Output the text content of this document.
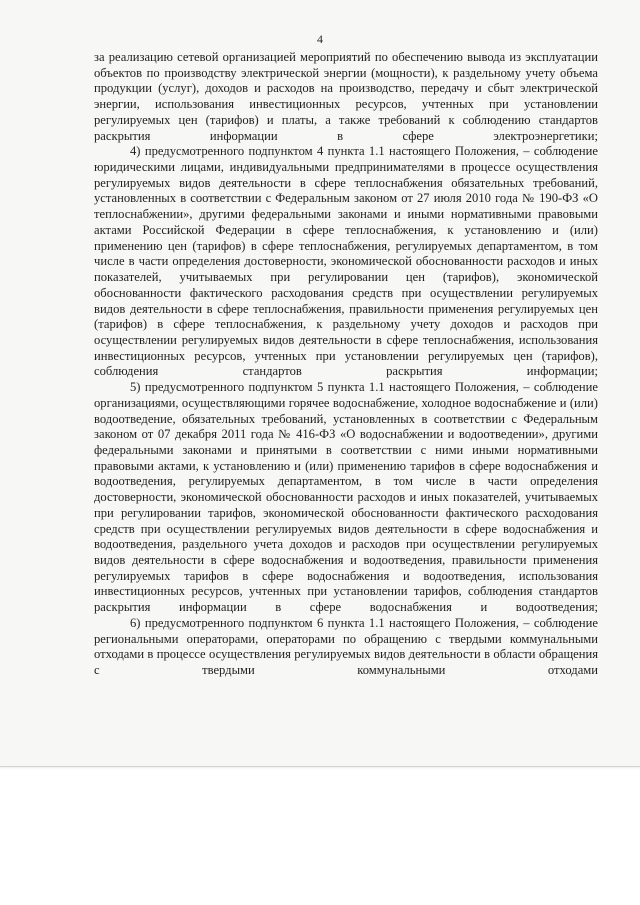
4

за реализацию сетевой организацией мероприятий по обеспечению вывода из эксплуатации объектов по производству электрической энергии (мощности), к раздельному учету объема продукции (услуг), доходов и расходов на производство, передачу и сбыт электрической энергии, использования инвестиционных ресурсов, учтенных при установлении регулируемых цен (тарифов) и платы, а также требований к соблюдению стандартов раскрытия информации в сфере электроэнергетики;

4) предусмотренного подпунктом 4 пункта 1.1 настоящего Положения, – соблюдение юридическими лицами, индивидуальными предпринимателями в процессе осуществления регулируемых видов деятельности в сфере теплоснабжения обязательных требований, установленных в соответствии с Федеральным законом от 27 июля 2010 года № 190-ФЗ «О теплоснабжении», другими федеральными законами и иными нормативными правовыми актами Российской Федерации в сфере теплоснабжения, к установлению и (или) применению цен (тарифов) в сфере теплоснабжения, регулируемых департаментом, в том числе в части определения достоверности, экономической обоснованности расходов и иных показателей, учитываемых при регулировании цен (тарифов), экономической обоснованности фактического расходования средств при осуществлении регулируемых видов деятельности в сфере теплоснабжения, правильности применения регулируемых цен (тарифов) в сфере теплоснабжения, к раздельному учету доходов и расходов при осуществлении регулируемых видов деятельности в сфере теплоснабжения, использования инвестиционных ресурсов, учтенных при установлении регулируемых цен (тарифов), соблюдения стандартов раскрытия информации;

5) предусмотренного подпунктом 5 пункта 1.1 настоящего Положения, – соблюдение организациями, осуществляющими горячее водоснабжение, холодное водоснабжение и (или) водоотведение, обязательных требований, установленных в соответствии с Федеральным законом от 07 декабря 2011 года № 416-ФЗ «О водоснабжении и водоотведении», другими федеральными законами и принятыми в соответствии с ними иными нормативными правовыми актами, к установлению и (или) применению тарифов в сфере водоснабжения и водоотведения, регулируемых департаментом, в том числе в части определения достоверности, экономической обоснованности расходов и иных показателей, учитываемых при регулировании тарифов, экономической обоснованности фактического расходования средств при осуществлении регулируемых видов деятельности в сфере водоснабжения и водоотведения, раздельного учета доходов и расходов при осуществлении регулируемых видов деятельности в сфере водоснабжения и водоотведения, правильности применения регулируемых тарифов в сфере водоснабжения и водоотведения, использования инвестиционных ресурсов, учтенных при установлении тарифов, соблюдения стандартов раскрытия информации в сфере водоснабжения и водоотведения;

6) предусмотренного подпунктом 6 пункта 1.1 настоящего Положения, – соблюдение региональными операторами, операторами по обращению с твердыми коммунальными отходами в процессе осуществления регулируемых видов деятельности в области обращения с твердыми коммунальными отходами
